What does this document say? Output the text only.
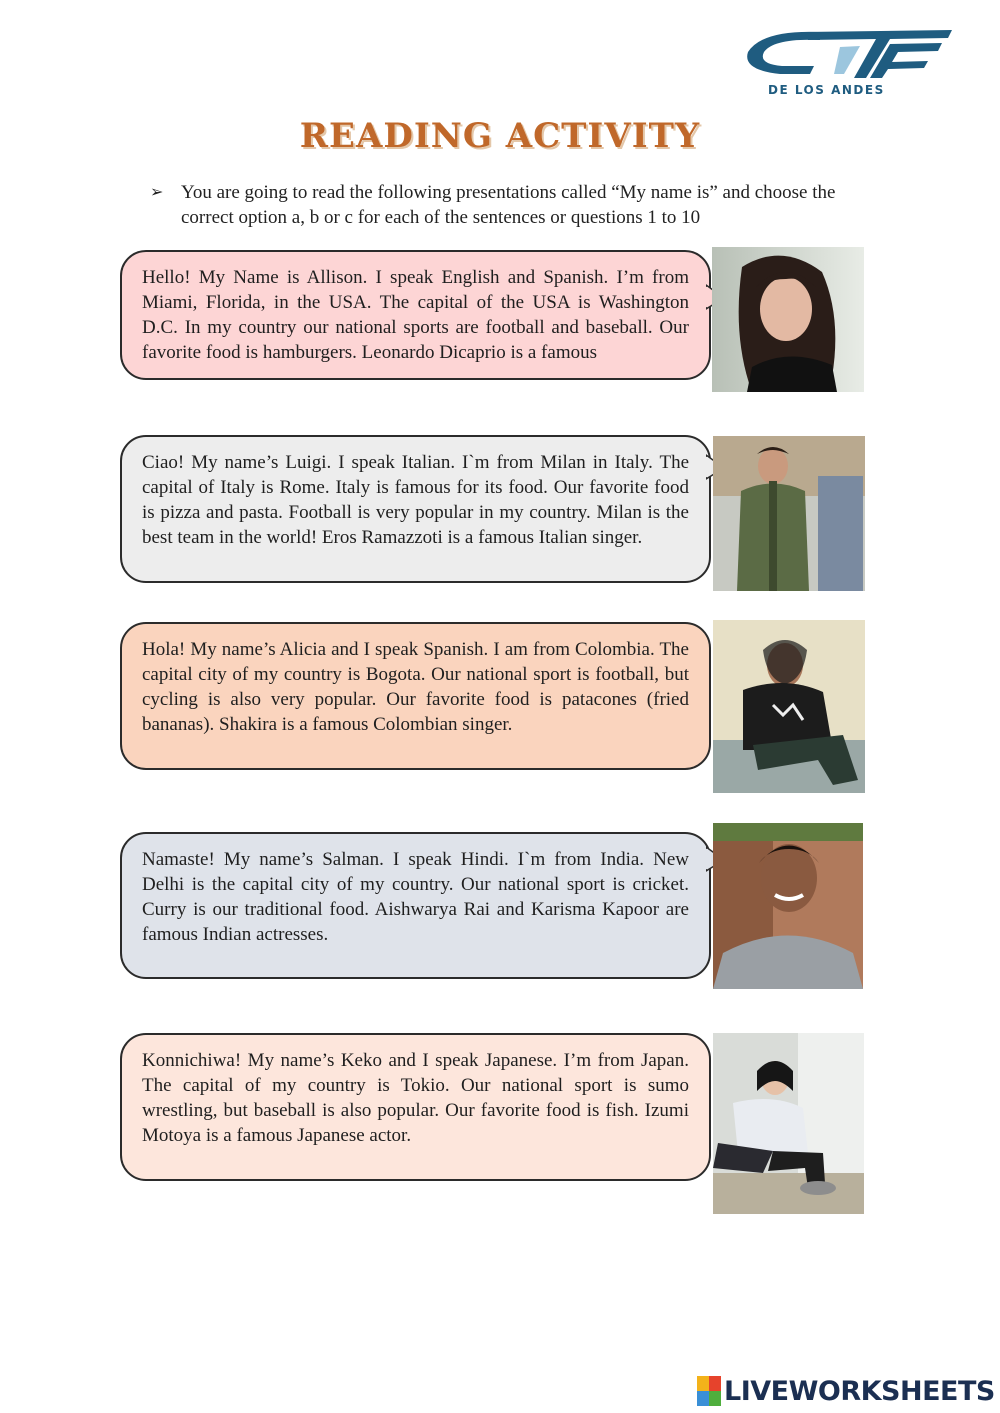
DE LOS ANDES
READING ACTIVITY
➢ You are going to read the following presentations called “My name is” and choose the correct option a, b or c for each of the sentences or questions 1 to 10
Hello! My Name is Allison. I speak English and Spanish. I’m from Miami, Florida, in the USA. The capital of the USA is Washington D.C. In my country our national sports are football and baseball. Our favorite food is hamburgers. Leonardo Dicaprio is a famous
Ciao! My name’s Luigi. I speak Italian. I`m from Milan in Italy. The capital of Italy is Rome. Italy is famous for its food. Our favorite food is pizza and pasta. Football is very popular in my country. Milan is the best team in the world! Eros Ramazzoti is a famous Italian singer.
Hola! My name’s Alicia and I speak Spanish. I am from Colombia. The capital city of my country is Bogota. Our national sport is football, but cycling is also very popular. Our favorite food is patacones (fried bananas). Shakira is a famous Colombian singer.
Namaste! My name’s Salman. I speak Hindi. I`m from India. New Delhi is the capital city of my country. Our national sport is cricket. Curry is our traditional food. Aishwarya Rai and Karisma Kapoor are famous Indian actresses.
Konnichiwa! My name’s Keko and I speak Japanese. I’m from Japan. The capital of my country is Tokio. Our national sport is sumo wrestling, but baseball is also popular. Our favorite food is fish. Izumi Motoya is a famous Japanese actor.
LIVEWORKSHEETS
